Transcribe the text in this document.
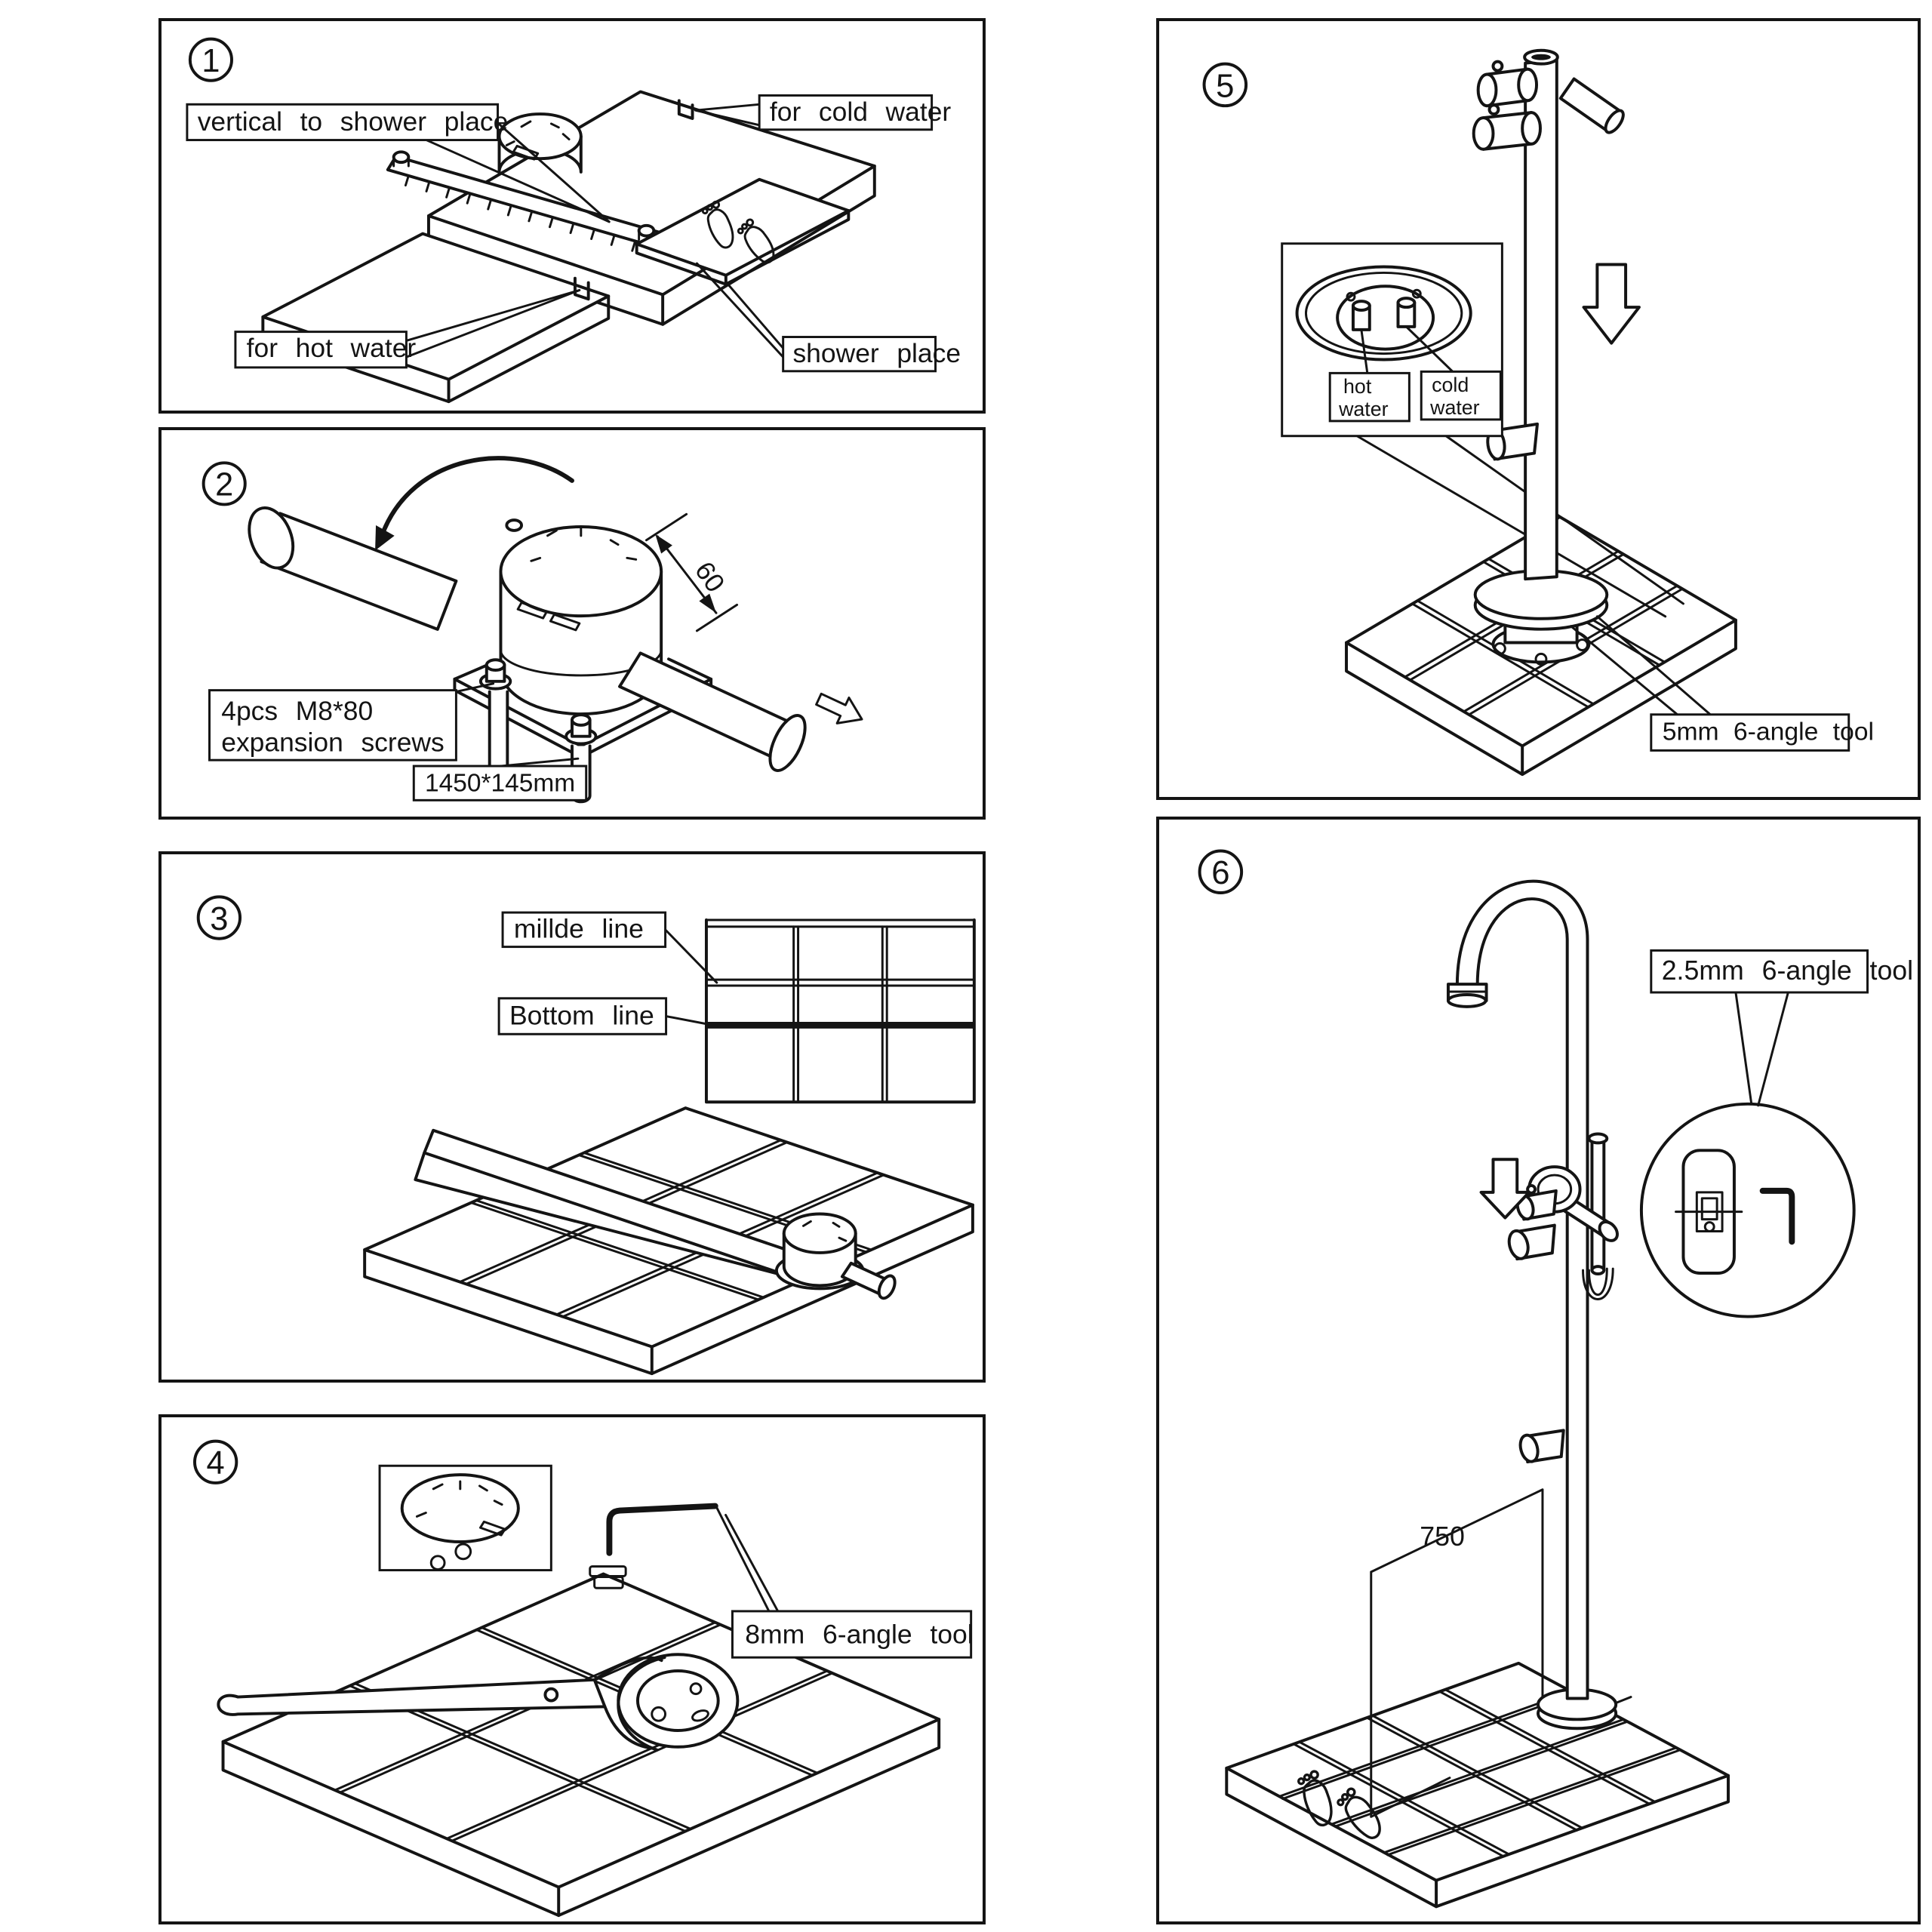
vertical to shower place	for cold water
for hot water	shower place
1
60
4pcs M8*80
expansion screws
1450*145mm
2
millde line
Bottom line
3
8mm 6-angle tool
4
hot
water
cold
water
5mm 6-angle tool
5
750
2.5mm 6-angle tool
6
